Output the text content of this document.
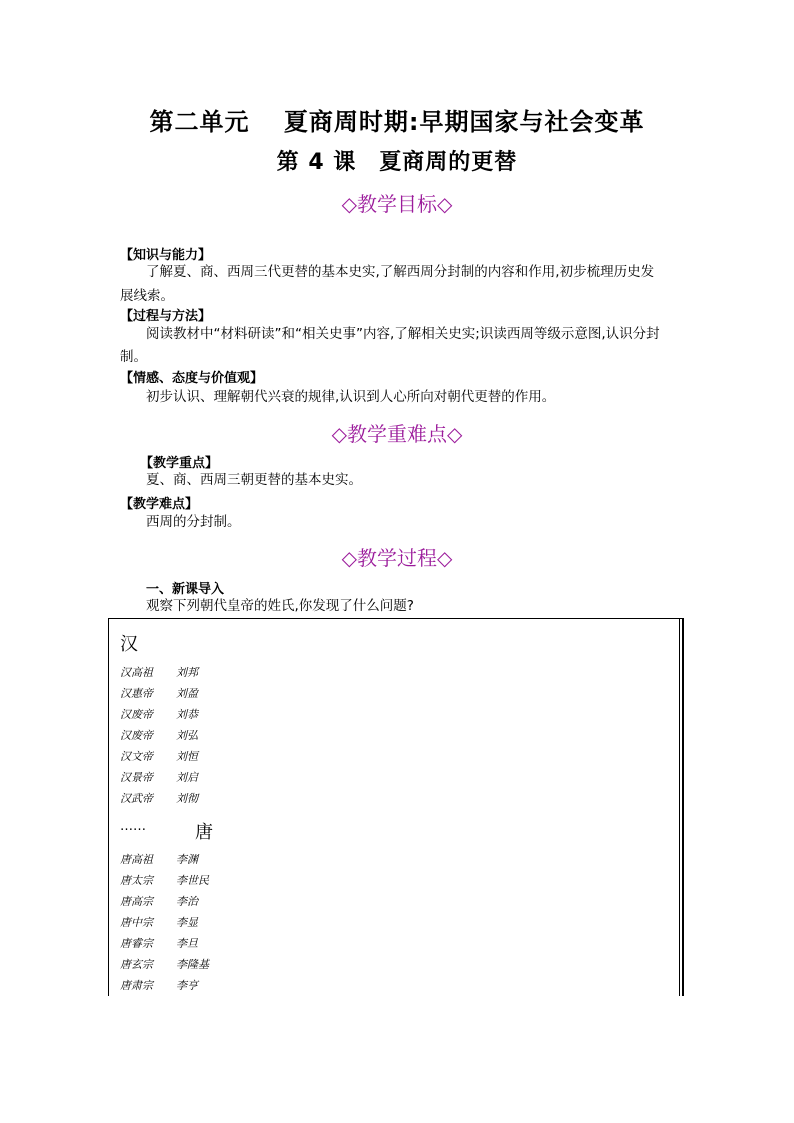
第二单元　 夏商周时期:早期国家与社会变革
第 4 课　夏商周的更替
◇教学目标◇
【知识与能力】
了解夏、商、西周三代更替的基本史实,了解西周分封制的内容和作用,初步梳理历史发
展线索。
【过程与方法】
阅读教材中“材料研读”和“相关史事”内容,了解相关史实;识读西周等级示意图,认识分封
制。
【情感、态度与价值观】
初步认识、理解朝代兴衰的规律,认识到人心所向对朝代更替的作用。
◇教学重难点◇
【教学重点】
夏、商、西周三朝更替的基本史实。
【教学难点】
西周的分封制。
◇教学过程◇
一、新课导入
观察下列朝代皇帝的姓氏,你发现了什么问题?
汉
汉高祖 刘邦
汉惠帝 刘盈
汉废帝 刘恭
汉废帝 刘弘
汉文帝 刘恒
汉景帝 刘启
汉武帝 刘彻
……	唐
唐高祖 李渊
唐太宗 李世民
唐高宗 李治
唐中宗 李显
唐睿宗 李旦
唐玄宗 李隆基
唐肃宗 李亨
